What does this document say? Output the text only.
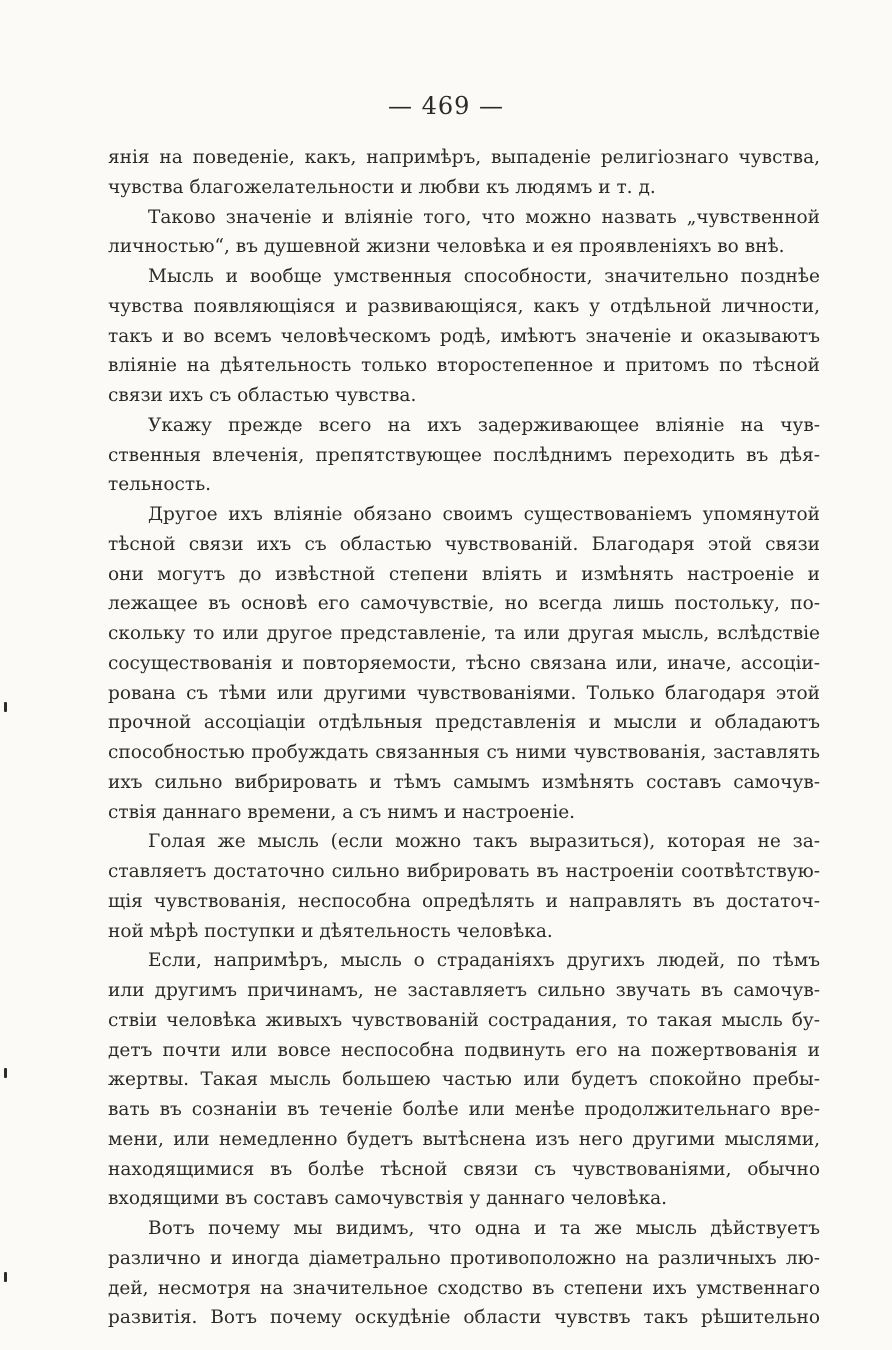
— 469 —
янія на поведеніе, какъ, напримѣръ, выпаденіе религіознаго чувства,
чувства благожелательности и любви къ людямъ и т. д.
Таково значеніе и вліяніе того, что можно назвать „чувственной
личностью“, въ душевной жизни человѣка и ея проявленіяхъ во внѣ.
Мысль и вообще умственныя способности, значительно позднѣе
чувства появляющіяся и развивающіяся, какъ у отдѣльной личности,
такъ и во всемъ человѣческомъ родѣ, имѣютъ значеніе и оказываютъ
вліяніе на дѣятельность только второстепенное и притомъ по тѣсной
связи ихъ съ областью чувства.
Укажу прежде всего на ихъ задерживающее вліяніе на чув-
ственныя влеченія, препятствующее послѣднимъ переходить въ дѣя-
тельность.
Другое ихъ вліяніе обязано своимъ существованіемъ упомянутой
тѣсной связи ихъ съ областью чувствованій. Благодаря этой связи
они могутъ до извѣстной степени вліять и измѣнять настроеніе и
лежащее въ основѣ его самочувствіе, но всегда лишь постольку, по-
скольку то или другое представленіе, та или другая мысль, вслѣдствіе
сосуществованія и повторяемости, тѣсно связана или, иначе, ассоціи-
рована съ тѣми или другими чувствованіями. Только благодаря этой
прочной ассоціаціи отдѣльныя представленія и мысли и обладаютъ
способностью пробуждать связанныя съ ними чувствованія, заставлять
ихъ сильно вибрировать и тѣмъ самымъ измѣнять составъ самочув-
ствія даннаго времени, а съ нимъ и настроеніе.
Голая же мысль (если можно такъ выразиться), которая не за-
ставляетъ достаточно сильно вибрировать въ настроеніи соотвѣтствую-
щія чувствованія, неспособна опредѣлять и направлять въ достаточ-
ной мѣрѣ поступки и дѣятельность человѣка.
Если, напримѣръ, мысль о страданіяхъ другихъ людей, по тѣмъ
или другимъ причинамъ, не заставляетъ сильно звучать въ самочув-
ствіи человѣка живыхъ чувствованій сострадания, то такая мысль бу-
детъ почти или вовсе неспособна подвинуть его на пожертвованія и
жертвы. Такая мысль большею частью или будетъ спокойно пребы-
вать въ сознаніи въ теченіе болѣе или менѣе продолжительнаго вре-
мени, или немедленно будетъ вытѣснена изъ него другими мыслями,
находящимися въ болѣе тѣсной связи съ чувствованіями, обычно
входящими въ составъ самочувствія у даннаго человѣка.
Вотъ почему мы видимъ, что одна и та же мысль дѣйствуетъ
различно и иногда діаметрально противоположно на различныхъ лю-
дей, несмотря на значительное сходство въ степени ихъ умственнаго
развитія. Вотъ почему оскудѣніе области чувствъ такъ рѣшительно
